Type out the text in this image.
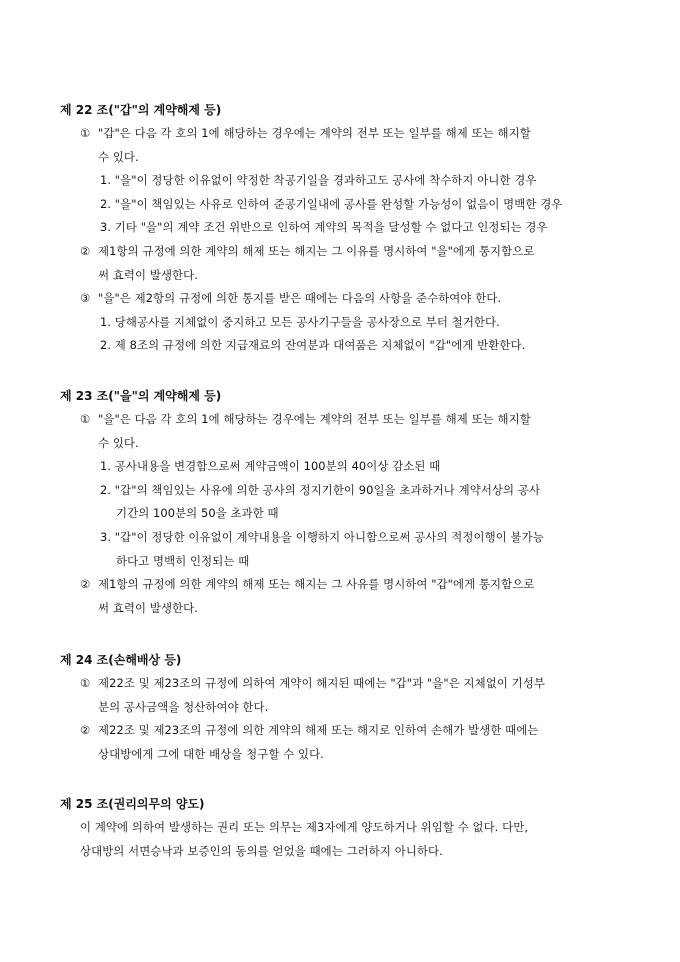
제 22 조("갑"의 계약해제 등)
① "갑"은 다음 각 호의 1에 해당하는 경우에는 계약의 전부 또는 일부를 해제 또는 해지할
수 있다.
1. "을"이 정당한 이유없이 약정한 착공기일을 경과하고도 공사에 착수하지 아니한 경우
2. "을"이 책임있는 사유로 인하여 준공기일내에 공사를 완성할 가능성이 없음이 명백한 경우
3. 기타 "을"의 계약 조건 위반으로 인하여 계약의 목적을 달성할 수 없다고 인정되는 경우
② 제1항의 규정에 의한 계약의 해제 또는 해지는 그 이유를 명시하여 "을"에게 통지함으로
써 효력이 발생한다.
③ "을"은 제2항의 규정에 의한 통지를 받은 때에는 다음의 사항을 준수하여야 한다.
1. 당해공사를 지체없이 중지하고 모든 공사기구들을 공사장으로 부터 철거한다.
2. 제 8조의 규정에 의한 지급재료의 잔여분과 대여품은 지체없이 "갑"에게 반환한다.
제 23 조("을"의 계약해제 등)
① "을"은 다음 각 호의 1에 해당하는 경우에는 계약의 전부 또는 일부를 해제 또는 해지할
수 있다.
1. 공사내용을 변경함으로써 계약금액이 100분의 40이상 감소된 때
2. "갑"의 책임있는 사유에 의한 공사의 정지기한이 90일을 초과하거나 계약서상의 공사
기간의 100분의 50을 초과한 때
3. "갑"이 정당한 이유없이 계약내용을 이행하지 아니함으로써 공사의 적정이행이 불가능
하다고 명백히 인정되는 때
② 제1항의 규정에 의한 계약의 해제 또는 해지는 그 사유를 명시하여 "갑"에게 통지함으로
써 효력이 발생한다.
제 24 조(손해배상 등)
① 제22조 및 제23조의 규정에 의하여 계약이 해지된 때에는 "갑"과 "을"은 지체없이 기성부
분의 공사금액을 청산하여야 한다.
② 제22조 및 제23조의 규정에 의한 계약의 해제 또는 해지로 인하여 손해가 발생한 때에는
상대방에게 그에 대한 배상을 청구할 수 있다.
제 25 조(권리의무의 양도)
이 계약에 의하여 발생하는 권리 또는 의무는 제3자에게 양도하거나 위임할 수 없다. 다만,
상대방의 서면승낙과 보증인의 동의를 얻었을 때에는 그러하지 아니하다.
